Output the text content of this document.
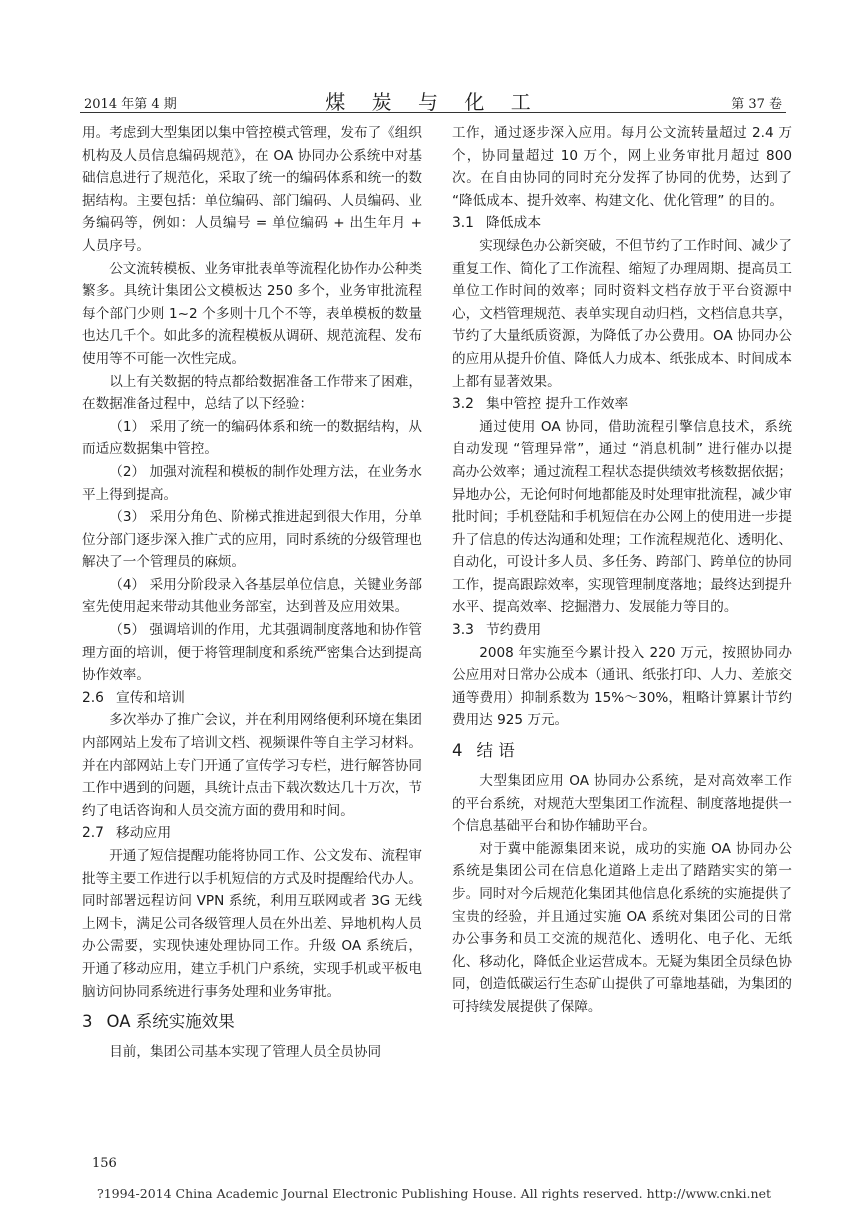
2014 年第 4 期	煤 炭 与 化 工	第 37 卷

用。考虑到大型集团以集中管控模式管理，发布了《组织机构及人员信息编码规范》，在 OA 协同办公系统中对基础信息进行了规范化，采取了统一的编码体系和统一的数据结构。主要包括：单位编码、部门编码、人员编码、业务编码等，例如：人员编号 = 单位编码 + 出生年月 + 人员序号。

公文流转模板、业务审批表单等流程化协作办公种类繁多。具统计集团公文模板达 250 多个，业务审批流程每个部门少则 1~2 个多则十几个不等，表单模板的数量也达几千个。如此多的流程模板从调研、规范流程、发布使用等不可能一次性完成。

以上有关数据的特点都给数据准备工作带来了困难，在数据准备过程中，总结了以下经验：

（1） 采用了统一的编码体系和统一的数据结构，从而适应数据集中管控。

（2） 加强对流程和模板的制作处理方法，在业务水平上得到提高。

（3） 采用分角色、阶梯式推进起到很大作用，分单位分部门逐步深入推广式的应用，同时系统的分级管理也解决了一个管理员的麻烦。

（4） 采用分阶段录入各基层单位信息，关键业务部室先使用起来带动其他业务部室，达到普及应用效果。

（5） 强调培训的作用，尤其强调制度落地和协作管理方面的培训，便于将管理制度和系统严密集合达到提高协作效率。

2.6 宣传和培训

多次举办了推广会议，并在利用网络便利环境在集团内部网站上发布了培训文档、视频课件等自主学习材料。并在内部网站上专门开通了宣传学习专栏，进行解答协同工作中遇到的问题，具统计点击下载次数达几十万次，节约了电话咨询和人员交流方面的费用和时间。

2.7 移动应用

开通了短信提醒功能将协同工作、公文发布、流程审批等主要工作进行以手机短信的方式及时提醒给代办人。同时部署远程访问 VPN 系统，利用互联网或者 3G 无线上网卡，满足公司各级管理人员在外出差、异地机构人员办公需要，实现快速处理协同工作。升级 OA 系统后，开通了移动应用，建立手机门户系统，实现手机或平板电脑访问协同系统进行事务处理和业务审批。

3 OA 系统实施效果

目前，集团公司基本实现了管理人员全员协同

工作，通过逐步深入应用。每月公文流转量超过 2.4 万个，协同量超过 10 万个，网上业务审批月超过 800 次。在自由协同的同时充分发挥了协同的优势，达到了 “降低成本、提升效率、构建文化、优化管理” 的目的。

3.1 降低成本

实现绿色办公新突破，不但节约了工作时间、减少了重复工作、简化了工作流程、缩短了办理周期、提高员工单位工作时间的效率；同时资料文档存放于平台资源中心，文档管理规范、表单实现自动归档，文档信息共享，节约了大量纸质资源，为降低了办公费用。OA 协同办公的应用从提升价值、降低人力成本、纸张成本、时间成本上都有显著效果。

3.2 集中管控 提升工作效率

通过使用 OA 协同，借助流程引擎信息技术，系统自动发现 “管理异常”，通过 “消息机制” 进行催办以提高办公效率；通过流程工程状态提供绩效考核数据依据；异地办公，无论何时何地都能及时处理审批流程，减少审批时间；手机登陆和手机短信在办公网上的使用进一步提升了信息的传达沟通和处理；工作流程规范化、透明化、自动化，可设计多人员、多任务、跨部门、跨单位的协同工作，提高跟踪效率，实现管理制度落地；最终达到提升水平、提高效率、挖掘潜力、发展能力等目的。

3.3 节约费用

2008 年实施至今累计投入 220 万元，按照协同办公应用对日常办公成本（通讯、纸张打印、人力、差旅交通等费用）抑制系数为 15%～30%，粗略计算累计节约费用达 925 万元。

4 结 语

大型集团应用 OA 协同办公系统，是对高效率工作的平台系统，对规范大型集团工作流程、制度落地提供一个信息基础平台和协作辅助平台。

对于冀中能源集团来说，成功的实施 OA 协同办公系统是集团公司在信息化道路上走出了踏踏实实的第一步。同时对今后规范化集团其他信息化系统的实施提供了宝贵的经验，并且通过实施 OA 系统对集团公司的日常办公事务和员工交流的规范化、透明化、电子化、无纸化、移动化，降低企业运营成本。无疑为集团全员绿色协同，创造低碳运行生态矿山提供了可靠地基础，为集团的可持续发展提供了保障。

156
?1994-2014 China Academic Journal Electronic Publishing House. All rights reserved. http://www.cnki.net
